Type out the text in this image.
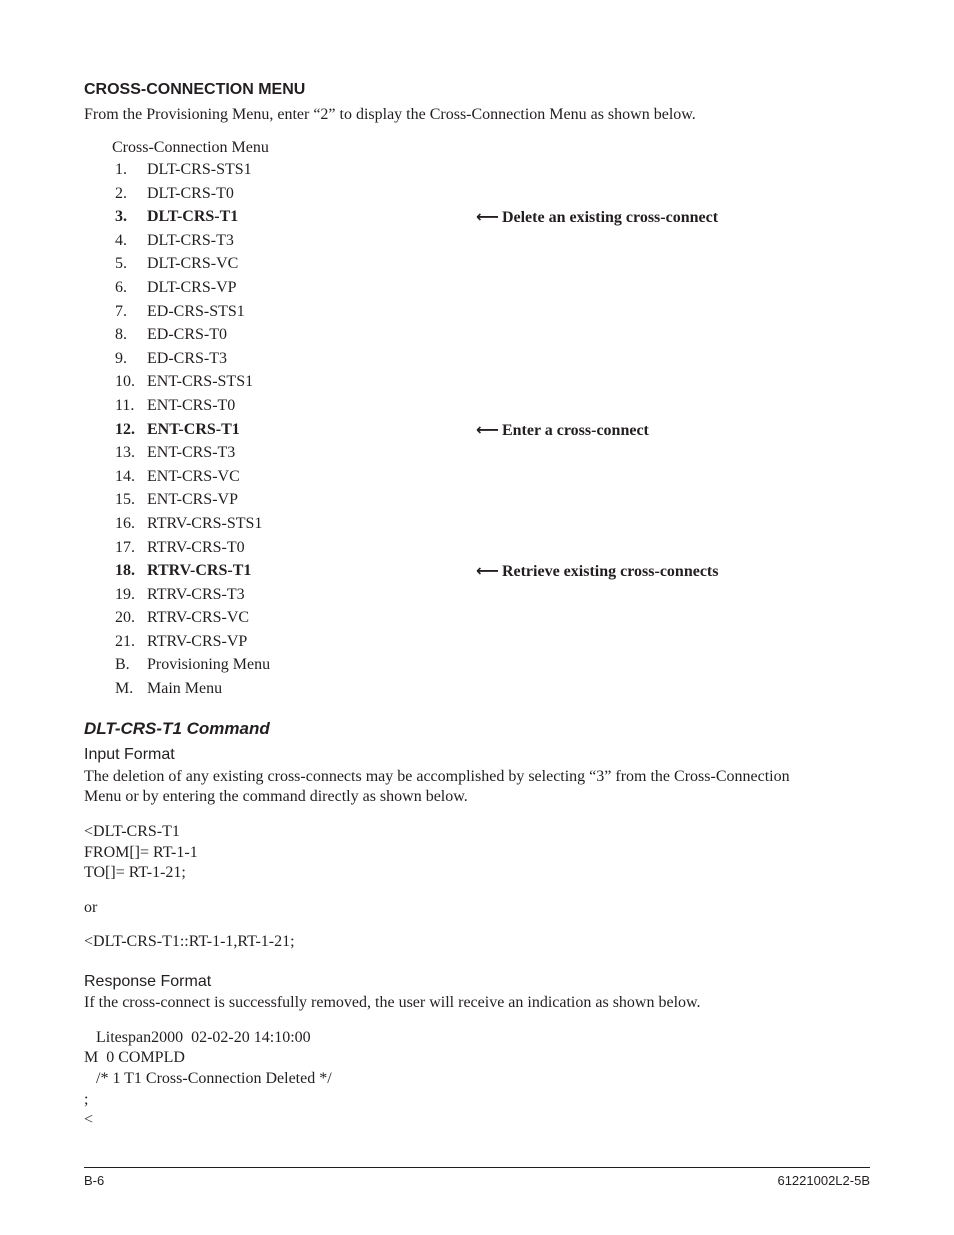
CROSS-CONNECTION MENU
From the Provisioning Menu, enter “2” to display the Cross-Connection Menu as shown below.
Cross-Connection Menu
1. DLT-CRS-STS1
2. DLT-CRS-T0
3. DLT-CRS-T1	⟵ Delete an existing cross-connect
4. DLT-CRS-T3
5. DLT-CRS-VC
6. DLT-CRS-VP
7. ED-CRS-STS1
8. ED-CRS-T0
9. ED-CRS-T3
10. ENT-CRS-STS1
11. ENT-CRS-T0
12. ENT-CRS-T1	⟵ Enter a cross-connect
13. ENT-CRS-T3
14. ENT-CRS-VC
15. ENT-CRS-VP
16. RTRV-CRS-STS1
17. RTRV-CRS-T0
18. RTRV-CRS-T1	⟵ Retrieve existing cross-connects
19. RTRV-CRS-T3
20. RTRV-CRS-VC
21. RTRV-CRS-VP
B. Provisioning Menu
M. Main Menu
DLT-CRS-T1 Command
Input Format
The deletion of any existing cross-connects may be accomplished by selecting “3” from the Cross-Connection
Menu or by entering the command directly as shown below.
<DLT-CRS-T1
FROM[]= RT-1-1
TO[]= RT-1-21;
or
<DLT-CRS-T1::RT-1-1,RT-1-21;
Response Format
If the cross-connect is successfully removed, the user will receive an indication as shown below.
Litespan2000  02-02-20 14:10:00
M  0 COMPLD
/* 1 T1 Cross-Connection Deleted */
;
<
B-6	61221002L2-5B
